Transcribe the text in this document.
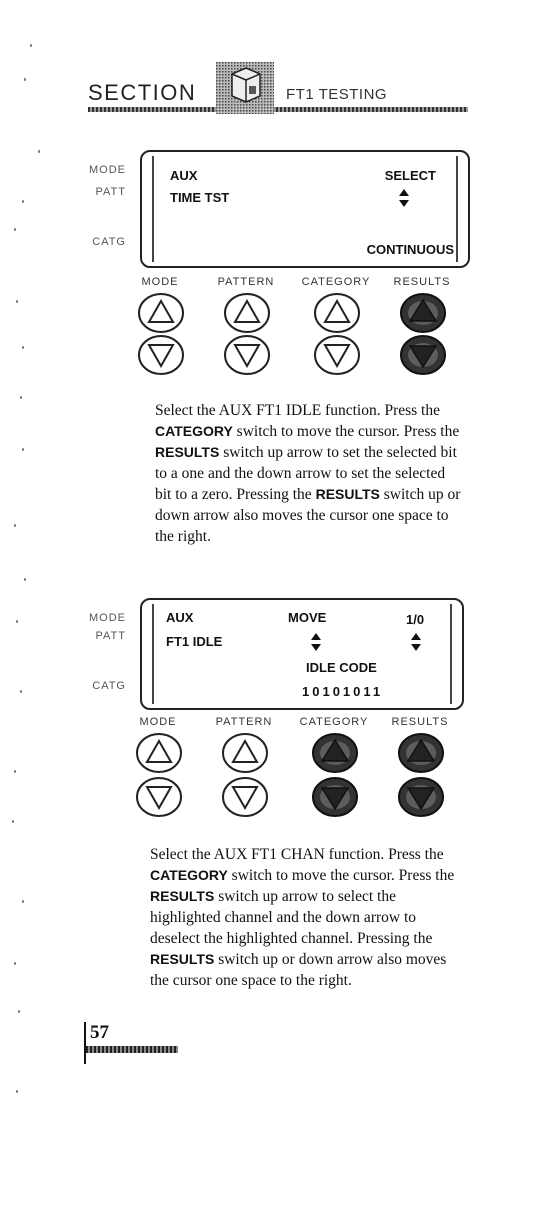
SECTION	FT1 TESTING
MODE
PATT
CATG
AUX	SELECT
TIME TST
CONTINUOUS
MODE	PATTERN	CATEGORY	RESULTS
Select the AUX FT1 IDLE function. Press the CATEGORY switch to move the cursor. Press the RESULTS switch up arrow to set the selected bit to a one and the down arrow to set the selected bit to a zero. Pressing the RESULTS switch up or down arrow also moves the cursor one space to the right.
MODE
PATT
CATG
AUX	MOVE	1/0
FT1 IDLE
IDLE CODE
10101011
MODE	PATTERN	CATEGORY	RESULTS
Select the AUX FT1 CHAN function. Press the CATEGORY switch to move the cursor. Press the RESULTS switch up arrow to select the highlighted channel and the down arrow to deselect the highlighted channel. Pressing the RESULTS switch up or down arrow also moves the cursor one space to the right.
57
